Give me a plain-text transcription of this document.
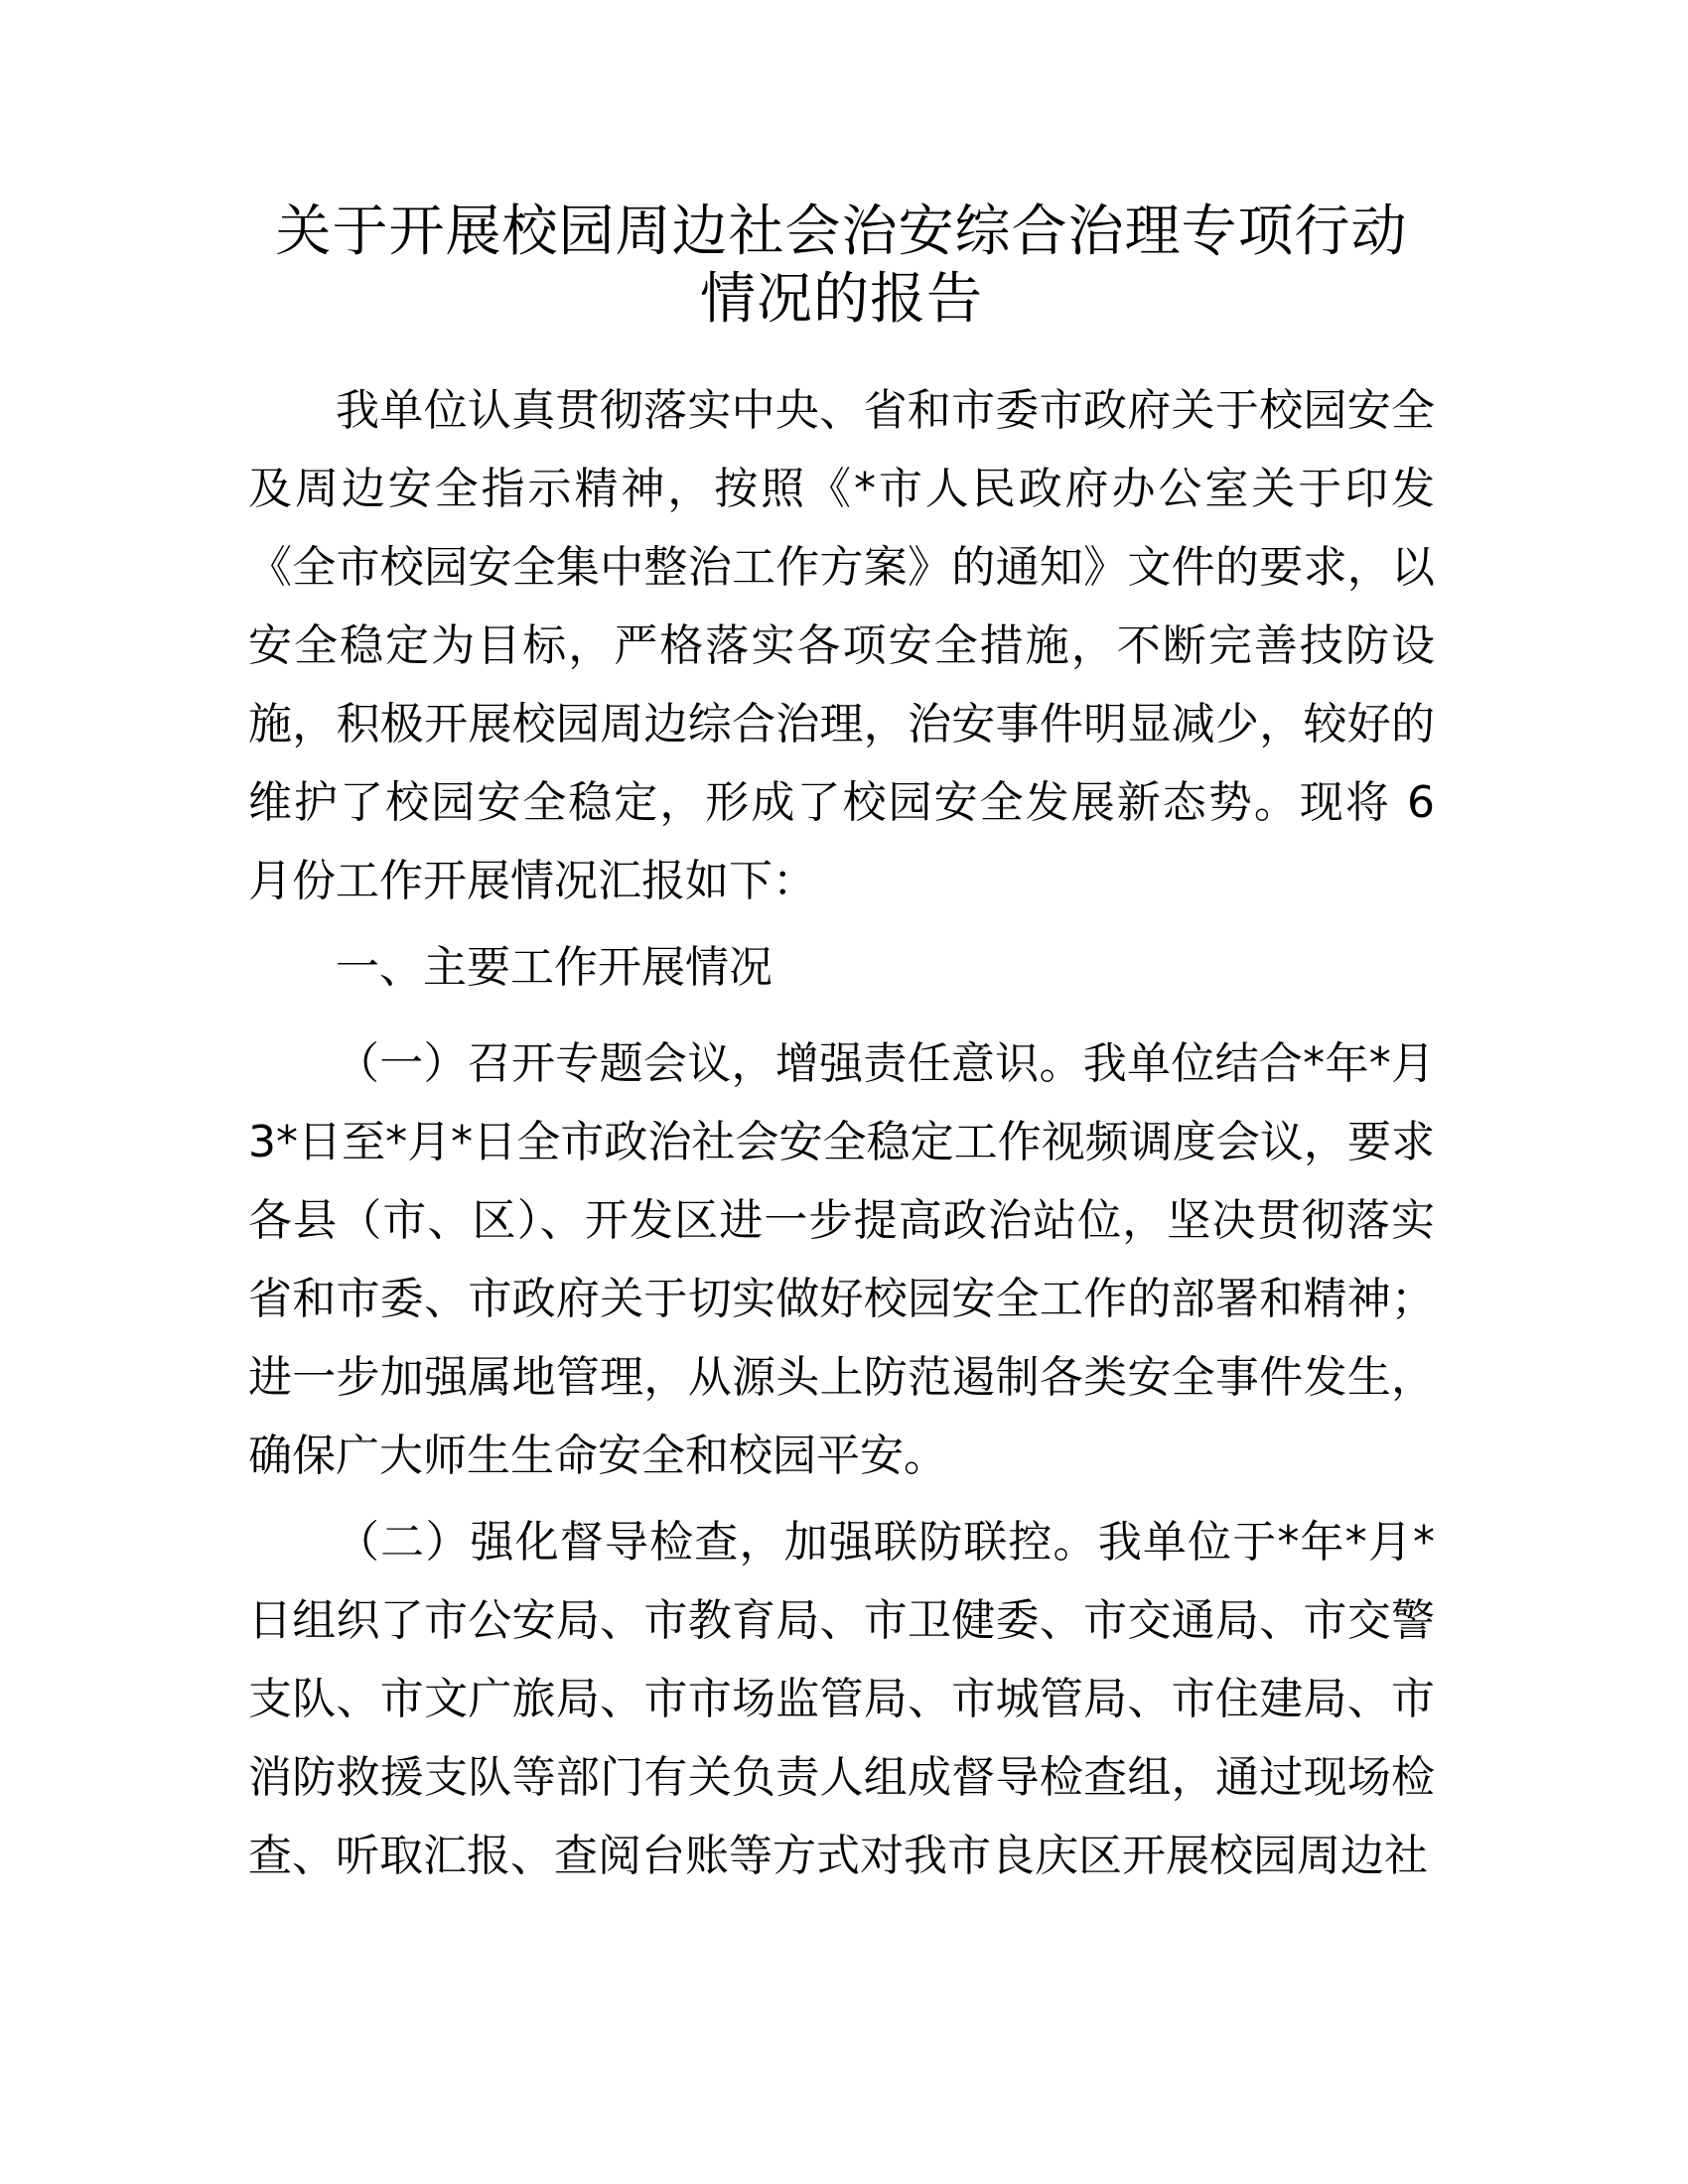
关于开展校园周边社会治安综合治理专项行动情况的报告

我单位认真贯彻落实中央、省和市委市政府关于校园安全及周边安全指示精神，按照《*市人民政府办公室关于印发《全市校园安全集中整治工作方案》的通知》文件的要求，以安全稳定为目标，严格落实各项安全措施，不断完善技防设施，积极开展校园周边综合治理，治安事件明显减少，较好的维护了校园安全稳定，形成了校园安全发展新态势。现将 6 月份工作开展情况汇报如下：

一、主要工作开展情况

（一）召开专题会议，增强责任意识。我单位结合*年*月3*日至*月*日全市政治社会安全稳定工作视频调度会议，要求各县（市、区）、开发区进一步提高政治站位，坚决贯彻落实省和市委、市政府关于切实做好校园安全工作的部署和精神；进一步加强属地管理，从源头上防范遏制各类安全事件发生，确保广大师生生命安全和校园平安。

（二）强化督导检查，加强联防联控。我单位于*年*月*日组织了市公安局、市教育局、市卫健委、市交通局、市交警支队、市文广旅局、市市场监管局、市城管局、市住建局、市消防救援支队等部门有关负责人组成督导检查组，通过现场检查、听取汇报、查阅台账等方式对我市良庆区开展校园周边社
